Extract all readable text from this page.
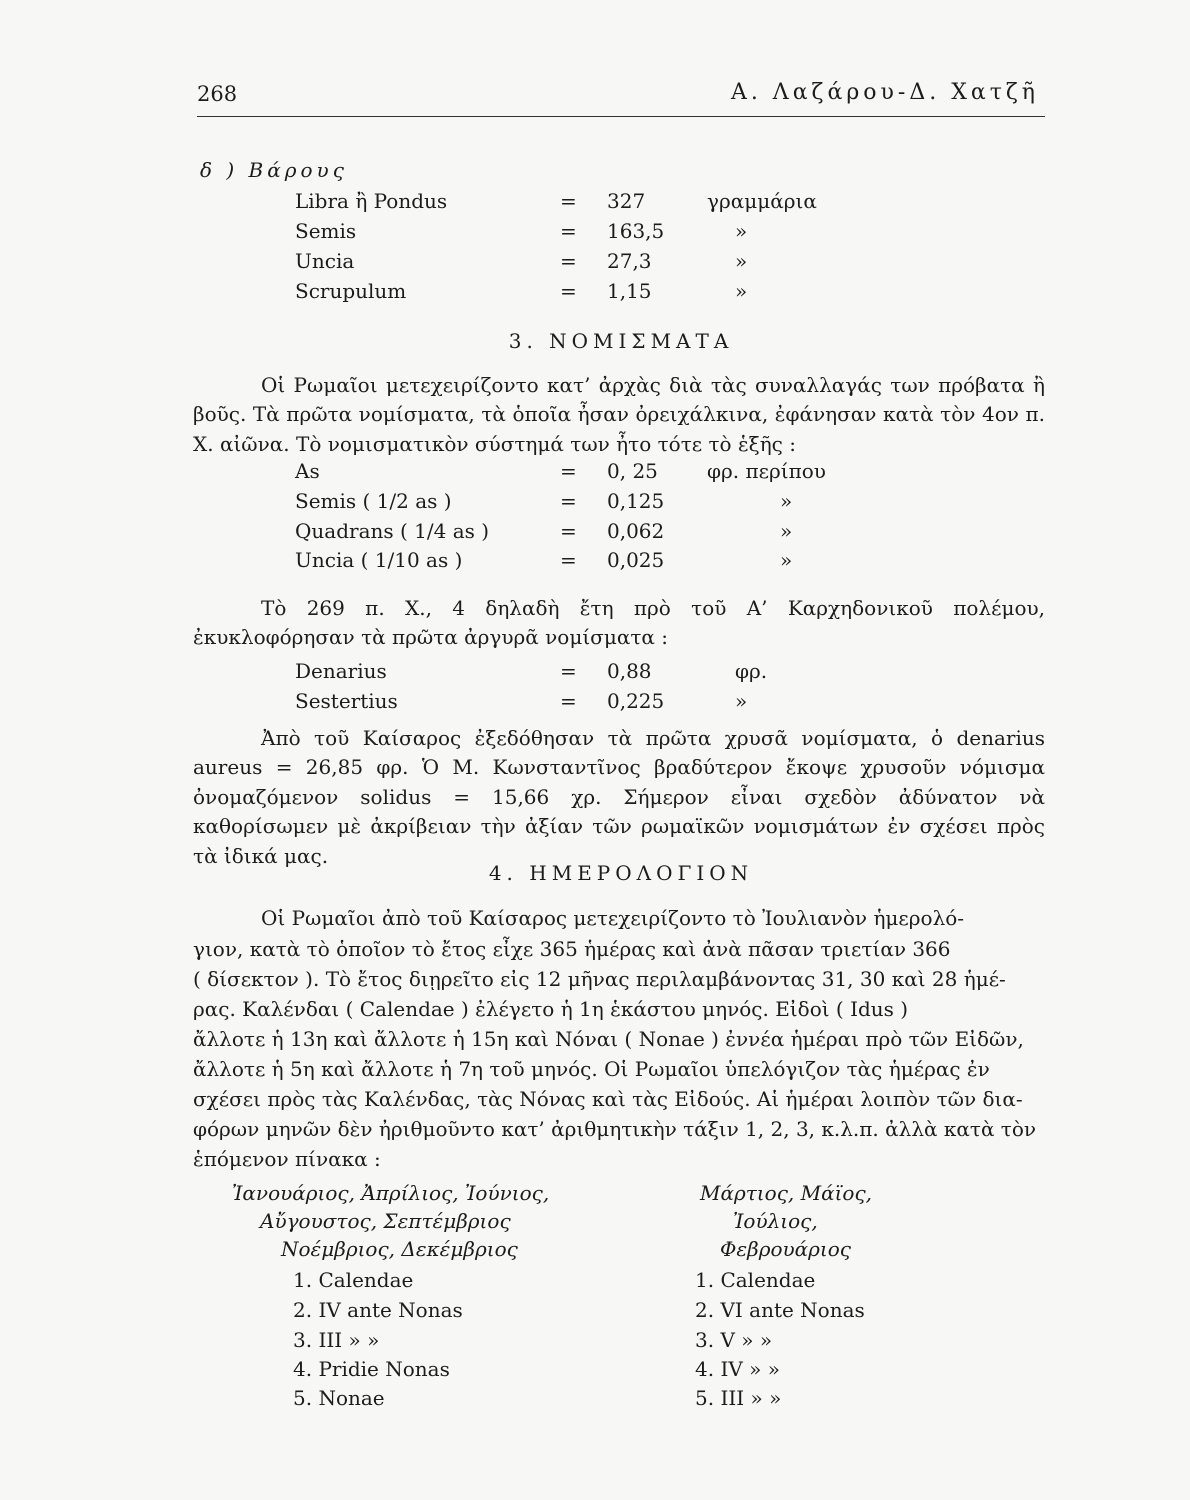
268	Α. Λαζάρου-Δ. Χατζῆ
δ ) Βάρους
Libra ἢ Pondus	= 327	γραμμάρια
Semis	= 163,5	»
Uncia	= 27,3	»
Scrupulum	= 1,15	»
3. ΝΟΜΙΣΜΑΤΑ
Οἱ Ρωμαῖοι μετεχειρίζοντο κατ’ ἀρχὰς διὰ τὰς συναλλαγάς των πρόβατα ἢ βοῦς. Τὰ πρῶτα νομίσματα, τὰ ὁποῖα ἦσαν ὀρειχάλκινα, ἐφάνησαν κατὰ τὸν 4ον π. Χ. αἰῶνα. Τὸ νομισματικὸν σύστημά των ἦτο τότε τὸ ἑξῆς :
As	= 0, 25 φρ. περίπου
Semis ( 1/2 as )	= 0,125	»
Quadrans ( 1/4 as )	= 0,062	»
Uncia ( 1/10 as )	= 0,025	»
Τὸ 269 π. Χ., 4 δηλαδὴ ἔτη πρὸ τοῦ Α’ Καρχηδονικοῦ πολέμου, ἐκυκλοφόρησαν τὰ πρῶτα ἀργυρᾶ νομίσματα :
Denarius	= 0,88	φρ.
Sestertius	= 0,225	»
Ἀπὸ τοῦ Καίσαρος ἐξεδόθησαν τὰ πρῶτα χρυσᾶ νομίσματα, ὁ denarius aureus = 26,85 φρ. Ὁ Μ. Κωνσταντῖνος βραδύτερον ἔκοψε χρυσοῦν νόμισμα ὀνομαζόμενον solidus = 15,66 χρ. Σήμερον εἶναι σχεδὸν ἀδύνατον νὰ καθορίσωμεν μὲ ἀκρίβειαν τὴν ἀξίαν τῶν ρωμαϊκῶν νομισμάτων ἐν σχέσει πρὸς τὰ ἰδικά μας.
4. ΗΜΕΡΟΛΟΓΙΟΝ
Οἱ Ρωμαῖοι ἀπὸ τοῦ Καίσαρος μετεχειρίζοντο τὸ Ἰουλιανὸν ἡμερολό-
γιον, κατὰ τὸ ὁποῖον τὸ ἔτος εἶχε 365 ἡμέρας καὶ ἀνὰ πᾶσαν τριετίαν 366
( δίσεκτον ). Τὸ ἔτος διῃρεῖτο εἰς 12 μῆνας περιλαμβάνοντας 31, 30 καὶ 28 ἡμέ-
ρας. Καλένδαι ( Calendae ) ἐλέγετο ἡ 1η ἑκάστου μηνός. Εἰδοὶ ( Idus )
ἄλλοτε ἡ 13η καὶ ἄλλοτε ἡ 15η καὶ Νόναι ( Nonae ) ἐννέα ἡμέραι πρὸ τῶν Εἰδῶν,
ἄλλοτε ἡ 5η καὶ ἄλλοτε ἡ 7η τοῦ μηνός. Οἱ Ρωμαῖοι ὑπελόγιζον τὰς ἡμέρας ἐν
σχέσει πρὸς τὰς Καλένδας, τὰς Νόνας καὶ τὰς Εἰδούς. Αἱ ἡμέραι λοιπὸν τῶν δια-
φόρων μηνῶν δὲν ἠριθμοῦντο κατ’ ἀριθμητικὴν τάξιν 1, 2, 3, κ.λ.π. ἀλλὰ κατὰ τὸν
ἑπόμενον πίνακα :
Ἰανουάριος, Ἀπρίλιος, Ἰούνιος,
Αὔγουστος, Σεπτέμβριος
Νοέμβριος, Δεκέμβριος
1. Calendae
2. IV ante Nonas
3. III » »
4. Pridie Nonas
5. Nonae
Μάρτιος, Μάϊος,
Ἰούλιος,
Φεβρουάριος
1. Calendae
2. VI ante Nonas
3. V » »
4. IV » »
5. III » »
